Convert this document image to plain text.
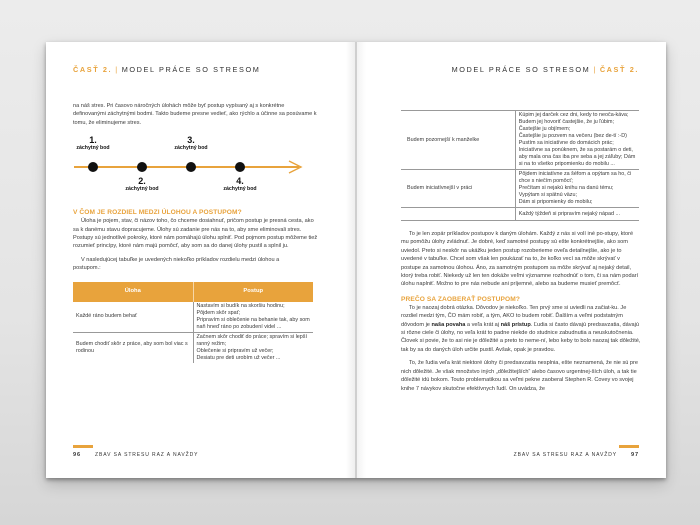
ČASŤ 2. | MODEL PRÁCE SO STRESOM

na náš stres. Pri časovo náročných úlohách môže byť postup vypísaný aj s konkrétne definovanými záchytnými bodmi. Takto budeme presne vedieť, ako rýchlo a účinne sa posúvame k tomu, že eliminujeme stres.

1.
záchytný bod
2.
záchytný bod
3.
záchytný bod
4.
záchytný bod
V ČOM JE ROZDIEL MEDZI ÚLOHOU A POSTUPOM?

Úloha je pojem, stav, či názov toho, čo chceme dosiahnuť, pričom postup je presná cesta, ako sa k danému stavu dopracujeme. Úlohy sú zadanie pre nás na to, aby sme eliminovali stres. Postupy sú jednotlivé pokroky, ktoré nám pomáhajú úlohu splniť. Pod pojmom postup môžeme tiež rozumieť princípy, ktoré nám majú pomôcť, aby som sa do danej úlohy pustil a splnil ju.

V nasledujúcej tabuľke je uvedených niekoľko príkladov rozdielu medzi úlohou a postupom.:

Úloha	Postup
Každé ráno budem behať	Nastavím si budík na skoršiu hodinu;
Pôjdem skôr spať;
Pripravím si oblečenie na behanie tak, aby som naň hneď ráno po zobudení videl ...

Budem chodiť skôr z práce, aby som bol viac s rodinou	Začnem skôr chodiť do práce; spravím si lepší ranný režim;
Oblečenie si pripravím už večer;
Desiatu pre deti urobím už večer ...
96	ZBAV SA STRESU RAZ A NAVŽDY
MODEL PRÁCE SO STRESOM | ČASŤ 2.
Budem pozornejší k manželke	Kúpim jej darček cez dni, kedy to neoča-káva; Budem jej hovoriť častejšie, že ju ľúbim; Častejšie ju objímem;
Častejšie ju pozvem na večeru (bez de-tí :-D)
Pustím sa iniciatívne do domácich prác; Iniciatívne sa ponúknem, že sa postarám o deti, aby mala ona čas iba pre seba a jej záľuby; Dám si na to všetko pripomienku do mobilu ...

Budem iniciatívnejší v práci	Pôjdem iniciatívne za šéfom a opýtam sa ho, či chce s niečím pomôcť;
Prečítam si nejakú knihu na danú tému;
Vypýtam si spätnú väzu;
Dám si pripomienky do mobilu;

	Každý týždeň si pripravím nejaký nápad ...

To je len zopár príkladov postupov k daným úlohám. Každý z nás si volí iné po-stupy, ktoré mu pomôžu úlohy zvládnuť. Je dobré, keď samotné postupy sú ešte konkrétnejšie, ako som uviedol. Preto si neskôr na ukážku jeden postup rozoberieme oveľa detailnejšie, ako je to uvedené v tabuľke. Chcel som však len poukázať na to, že koľko vecí sa môže skrývať v postupe za samotnou úlohou. Áno, za samotným postupom sa môže skrývať aj nejaký detail, ktorý treba robiť. Niekedy už len ten dokáže veľmi významne rozhodnúť o tom, či sa nám podarí úlohu naplniť. Možno to pre nás nebude ani príjemné, alebo sa budeme musieť premôcť.

PREČO SA ZAOBERAŤ POSTUPOM?

To je naozaj dobrá otázka. Dôvodov je niekoľko. Ten prvý sme si uviedli na začiat-ku. Je rozdiel medzi tým, ČO mám robiť, a tým, AKO to budem robiť. Ďalším a veľmi podstatným dôvodom je naša povaha a veľa krát aj náš prístup. Ľudia si často dávajú predsavzatia, dávajú si rôzne ciele či úlohy, no veľa krát to padne niekde do studnice zabudnutia a neuskutočnenia. Človek si povie, že to asi nie je dôležité a preto to neme-ní, lebo keby to bolo naozaj tak dôležité, tak by sa do daných úloh určite pustil. Avšak, opak je pravdou.

To, že ľudia veľa krát niektoré úlohy či predsavzatia nesplnia, ešte neznamená, že nie sú pre nich dôležité. Je však množstvo iných „dôležitejších“ alebo časovo urgentnej-ších úloh, a tak tie dôležité idú bokom. Touto problematikou sa veľmi pekne zaoberal Stephen R. Covey vo svojej knihe 7 návykov skutočne efektívnych ľudí. On uvádza, že

ZBAV SA STRESU RAZ A NAVŽDY	97
